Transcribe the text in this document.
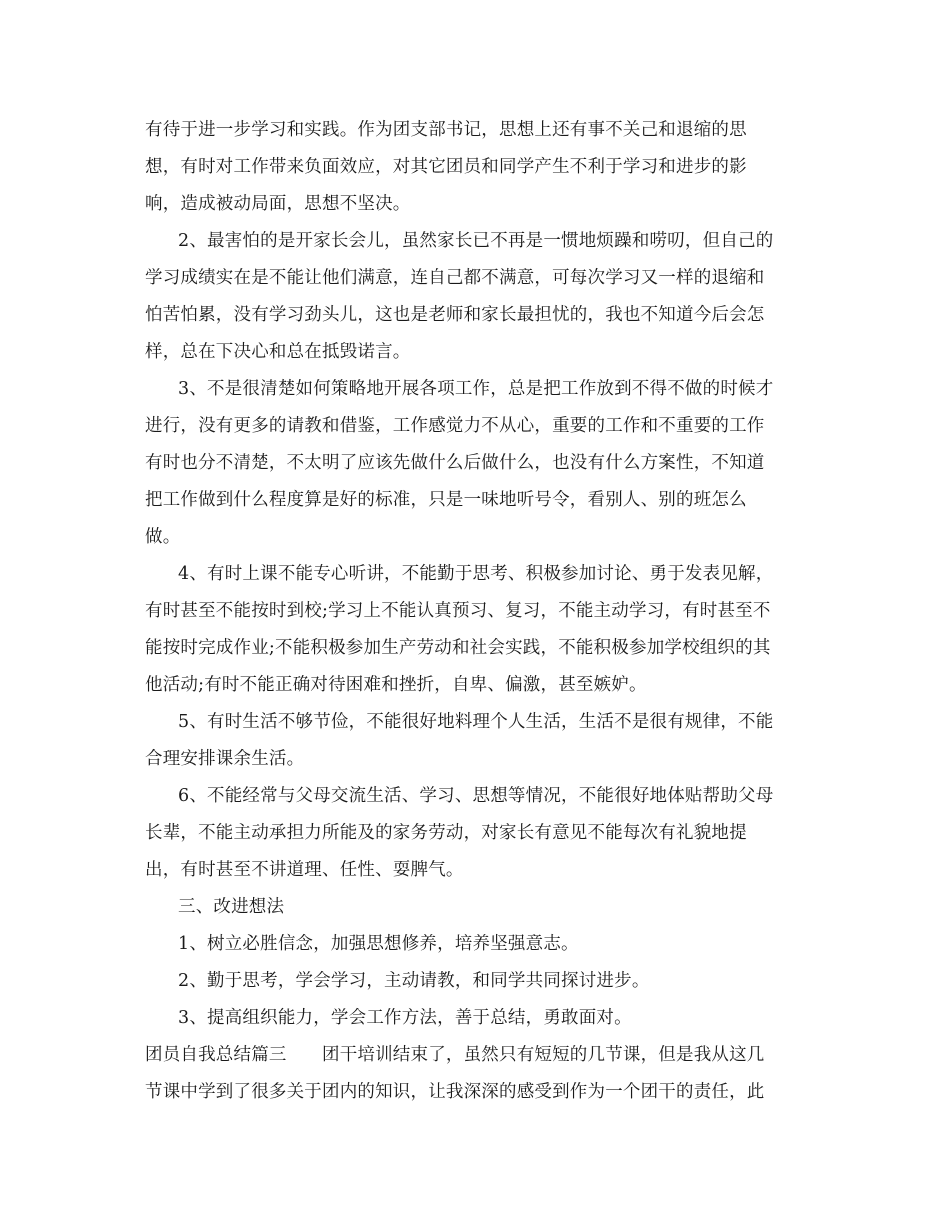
有待于进一步学习和实践。作为团支部书记，思想上还有事不关己和退缩的思
想，有时对工作带来负面效应，对其它团员和同学产生不利于学习和进步的影
响，造成被动局面，思想不坚决。
2、最害怕的是开家长会儿，虽然家长已不再是一惯地烦躁和唠叨，但自己的
学习成绩实在是不能让他们满意，连自己都不满意，可每次学习又一样的退缩和
怕苦怕累，没有学习劲头儿，这也是老师和家长最担忧的，我也不知道今后会怎
样，总在下决心和总在抵毁诺言。
3、不是很清楚如何策略地开展各项工作，总是把工作放到不得不做的时候才
进行，没有更多的请教和借鉴，工作感觉力不从心，重要的工作和不重要的工作
有时也分不清楚，不太明了应该先做什么后做什么，也没有什么方案性，不知道
把工作做到什么程度算是好的标准，只是一味地听号令，看别人、别的班怎么
做。
4、有时上课不能专心听讲，不能勤于思考、积极参加讨论、勇于发表见解，
有时甚至不能按时到校;学习上不能认真预习、复习，不能主动学习，有时甚至不
能按时完成作业;不能积极参加生产劳动和社会实践，不能积极参加学校组织的其
他活动;有时不能正确对待困难和挫折，自卑、偏激，甚至嫉妒。
5、有时生活不够节俭，不能很好地料理个人生活，生活不是很有规律，不能
合理安排课余生活。
6、不能经常与父母交流生活、学习、思想等情况，不能很好地体贴帮助父母
长辈，不能主动承担力所能及的家务劳动，对家长有意见不能每次有礼貌地提
出，有时甚至不讲道理、任性、耍脾气。
三、改进想法
1、树立必胜信念，加强思想修养，培养坚强意志。
2、勤于思考，学会学习，主动请教，和同学共同探讨进步。
3、提高组织能力，学会工作方法，善于总结，勇敢面对。
团员自我总结篇三　　团干培训结束了，虽然只有短短的几节课，但是我从这几
节课中学到了很多关于团内的知识，让我深深的感受到作为一个团干的责任，此
